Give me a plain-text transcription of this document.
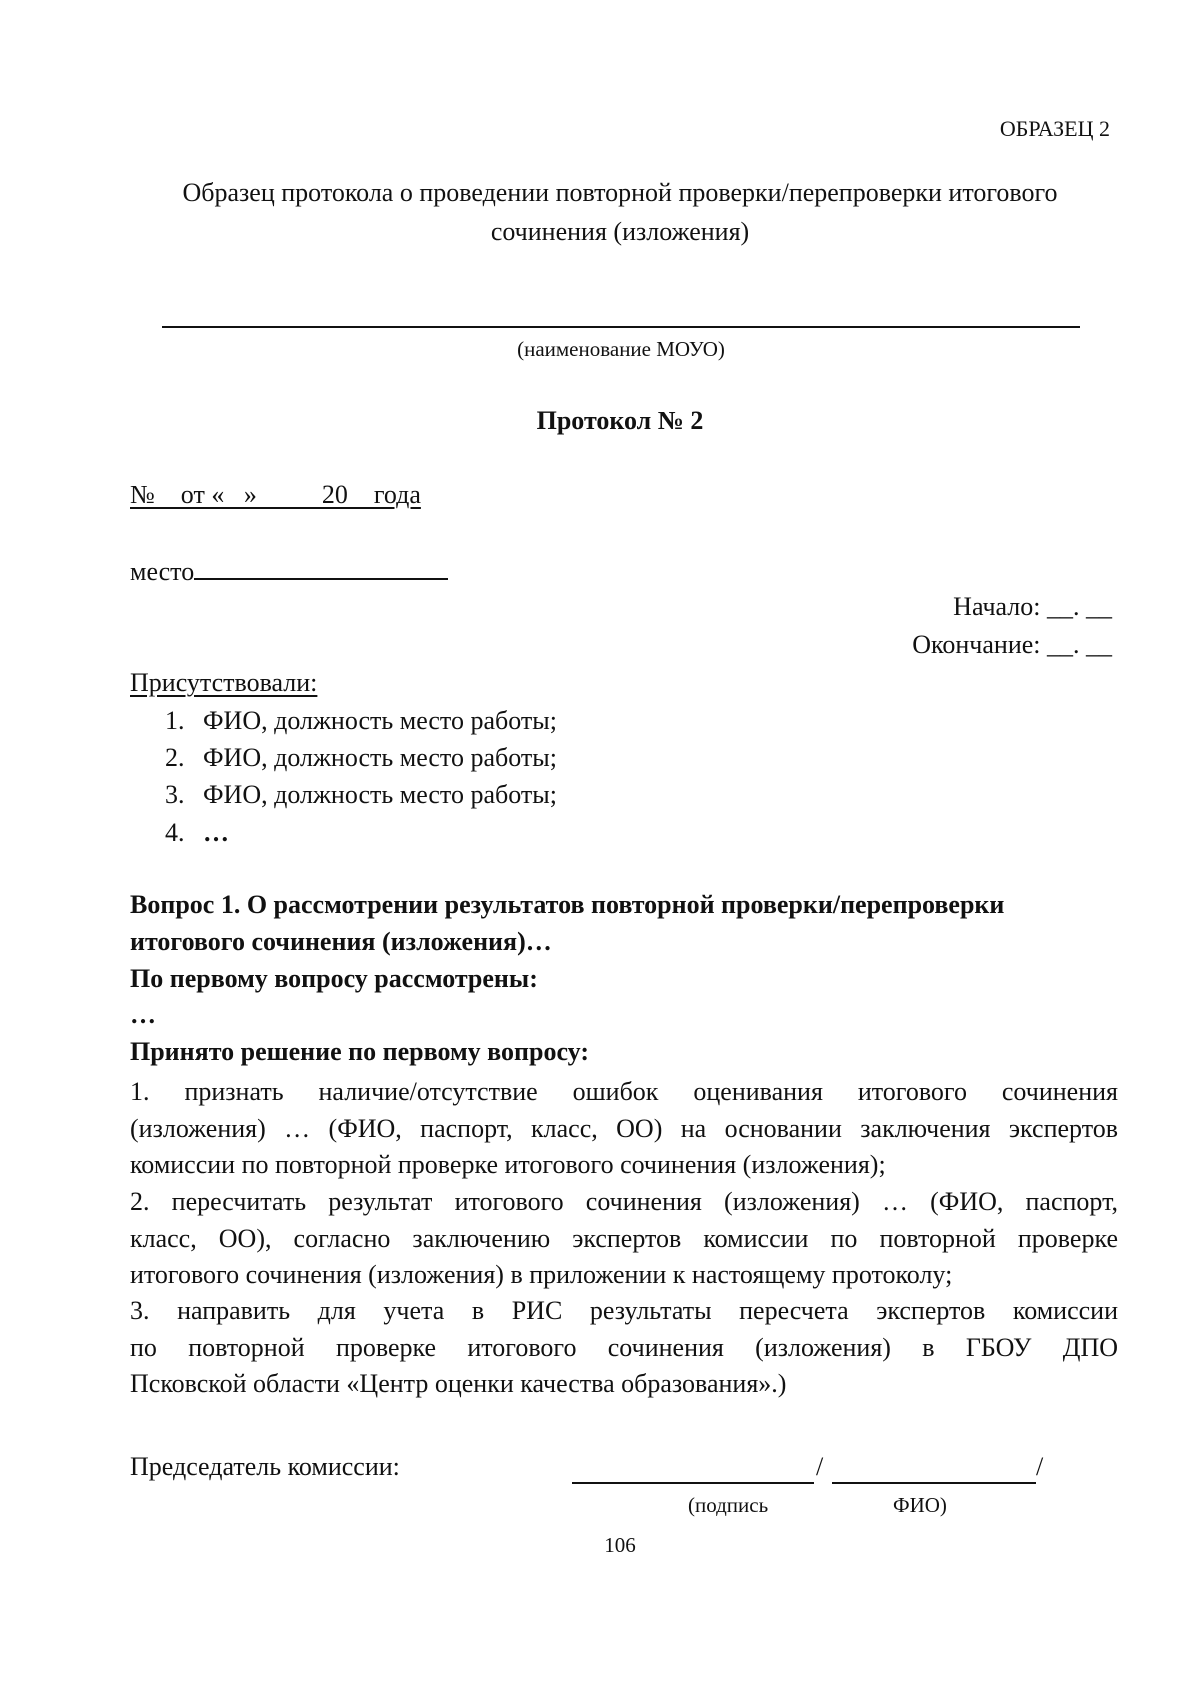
ОБРАЗЕЦ 2
Образец протокола о проведении повторной проверки/перепроверки итогового
сочинения (изложения)
(наименование МОУО)
Протокол № 2
№    от «   »          20    года
место
Начало: __. __
Окончание: __. __
Присутствовали:
1. ФИО, должность место работы;
2. ФИО, должность место работы;
3. ФИО, должность место работы;
4. …
Вопрос 1. О рассмотрении результатов повторной проверки/перепроверки
итогового сочинения (изложения)…
По первому вопросу рассмотрены:
…
Принято решение по первому вопросу:
1. признать наличие/отсутствие ошибок оценивания итогового сочинения
(изложения) … (ФИО, паспорт, класс, ОО) на основании заключения экспертов
комиссии по повторной проверке итогового сочинения (изложения);
2. пересчитать результат итогового сочинения (изложения) … (ФИО, паспорт,
класс, ОО), согласно заключению экспертов комиссии по повторной проверке
итогового сочинения (изложения) в приложении к настоящему протоколу;
3. направить для учета в РИС результаты пересчета экспертов комиссии
по повторной проверке итогового сочинения (изложения) в ГБОУ ДПО
Псковской области «Центр оценки качества образования».)
Председатель комиссии:	/	/
(подпись	ФИО)
106
